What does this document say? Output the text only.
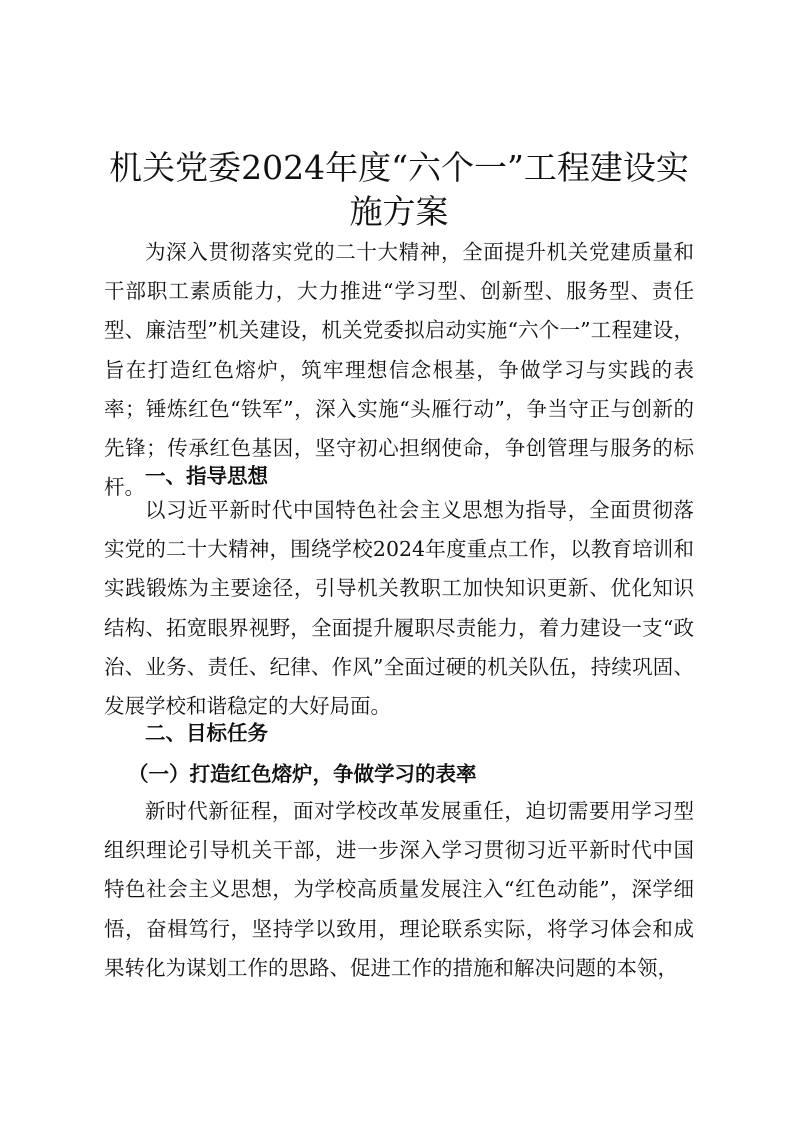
机关党委2024年度“六个一”工程建设实施方案

为深入贯彻落实党的二十大精神，全面提升机关党建质量和干部职工素质能力，大力推进“学习型、创新型、服务型、责任型、廉洁型”机关建设，机关党委拟启动实施“六个一”工程建设，旨在打造红色熔炉，筑牢理想信念根基，争做学习与实践的表率；锤炼红色“铁军”，深入实施“头雁行动”，争当守正与创新的先锋；传承红色基因，坚守初心担纲使命，争创管理与服务的标杆。 一、指导思想

以习近平新时代中国特色社会主义思想为指导，全面贯彻落实党的二十大精神，围绕学校2024年度重点工作，以教育培训和实践锻炼为主要途径，引导机关教职工加快知识更新、优化知识结构、拓宽眼界视野，全面提升履职尽责能力，着力建设一支“政治、业务、责任、纪律、作风”全面过硬的机关队伍，持续巩固、发展学校和谐稳定的大好局面。

二、目标任务
（一）打造红色熔炉，争做学习的表率

新时代新征程，面对学校改革发展重任，迫切需要用学习型组织理论引导机关干部，进一步深入学习贯彻习近平新时代中国特色社会主义思想，为学校高质量发展注入“红色动能”，深学细悟，奋楫笃行，坚持学以致用，理论联系实际，将学习体会和成果转化为谋划工作的思路、促进工作的措施和解决问题的本领，
